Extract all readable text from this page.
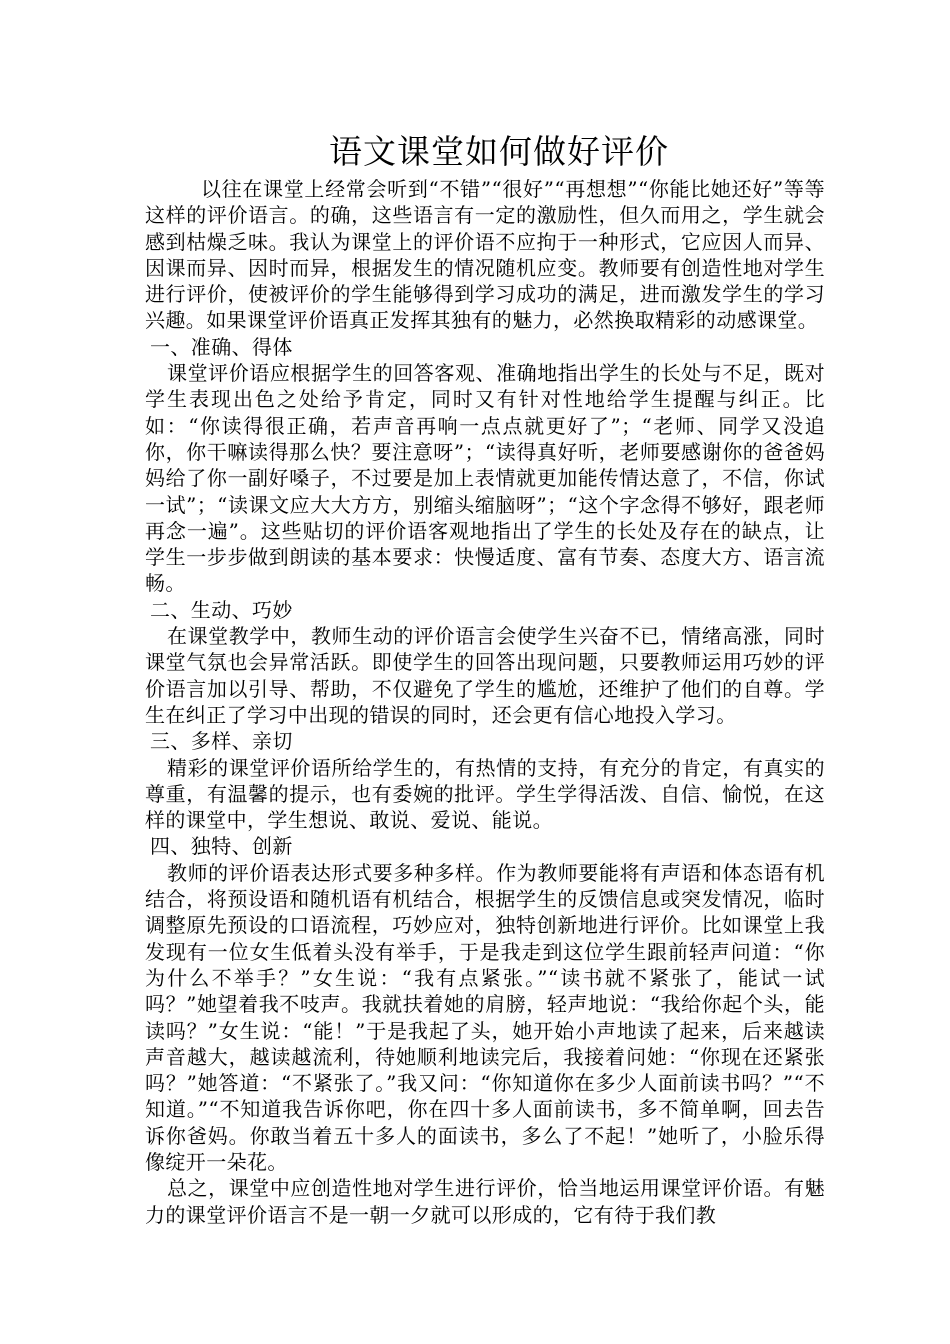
语文课堂如何做好评价

以往在课堂上经常会听到“不错”“很好”“再想想”“你能比她还好”等等这样的评价语言。的确，这些语言有一定的激励性，但久而用之，学生就会感到枯燥乏味。我认为课堂上的评价语不应拘于一种形式，它应因人而异、因课而异、因时而异，根据发生的情况随机应变。教师要有创造性地对学生进行评价，使被评价的学生能够得到学习成功的满足，进而激发学生的学习兴趣。如果课堂评价语真正发挥其独有的魅力，必然换取精彩的动感课堂。

一、准确、得体

课堂评价语应根据学生的回答客观、准确地指出学生的长处与不足，既对学生表现出色之处给予肯定，同时又有针对性地给学生提醒与纠正。比如：“你读得很正确，若声音再响一点点就更好了”；“老师、同学又没追你，你干嘛读得那么快？要注意呀”；“读得真好听，老师要感谢你的爸爸妈妈给了你一副好嗓子，不过要是加上表情就更加能传情达意了，不信，你试一试”；“读课文应大大方方，别缩头缩脑呀”；“这个字念得不够好，跟老师再念一遍”。这些贴切的评价语客观地指出了学生的长处及存在的缺点，让学生一步步做到朗读的基本要求：快慢适度、富有节奏、态度大方、语言流畅。

二、生动、巧妙

在课堂教学中，教师生动的评价语言会使学生兴奋不已，情绪高涨，同时课堂气氛也会异常活跃。即使学生的回答出现问题，只要教师运用巧妙的评价语言加以引导、帮助，不仅避免了学生的尴尬，还维护了他们的自尊。学生在纠正了学习中出现的错误的同时，还会更有信心地投入学习。

三、多样、亲切

精彩的课堂评价语所给学生的，有热情的支持，有充分的肯定，有真实的尊重，有温馨的提示，也有委婉的批评。学生学得活泼、自信、愉悦，在这样的课堂中，学生想说、敢说、爱说、能说。

四、独特、创新

教师的评价语表达形式要多种多样。作为教师要能将有声语和体态语有机结合，将预设语和随机语有机结合，根据学生的反馈信息或突发情况，临时调整原先预设的口语流程，巧妙应对，独特创新地进行评价。比如课堂上我发现有一位女生低着头没有举手，于是我走到这位学生跟前轻声问道：“你为什么不举手？”女生说：“我有点紧张。”“读书就不紧张了，能试一试吗？”她望着我不吱声。我就扶着她的肩膀，轻声地说：“我给你起个头，能读吗？”女生说：“能！”于是我起了头，她开始小声地读了起来，后来越读声音越大，越读越流利，待她顺利地读完后，我接着问她：“你现在还紧张吗？”她答道：“不紧张了。”我又问：“你知道你在多少人面前读书吗？”“不知道。”“不知道我告诉你吧，你在四十多人面前读书，多不简单啊，回去告诉你爸妈。你敢当着五十多人的面读书，多么了不起！”她听了，小脸乐得像绽开一朵花。

总之，课堂中应创造性地对学生进行评价，恰当地运用课堂评价语。有魅力的课堂评价语言不是一朝一夕就可以形成的，它有待于我们教
